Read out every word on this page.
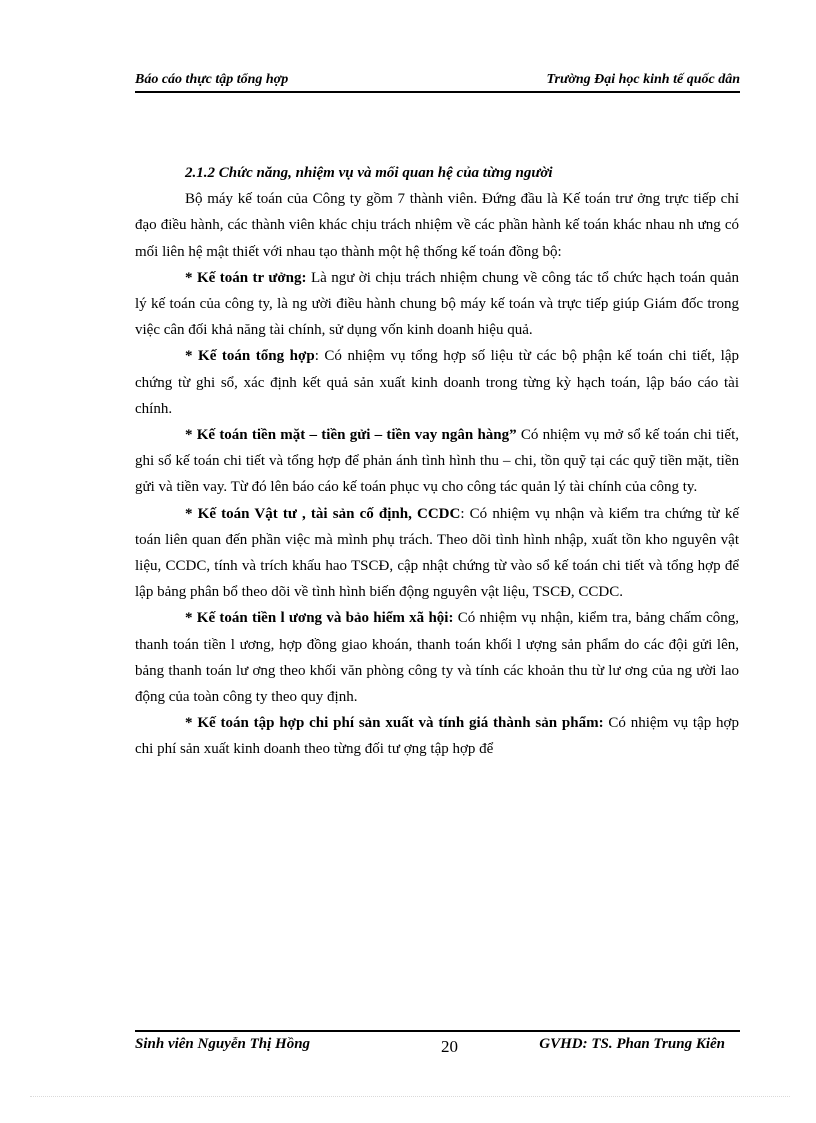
Báo cáo thực tập tổng hợp	Trường Đại học kinh tế quốc dân

2.1.2 Chức năng, nhiệm vụ và mối quan hệ của từng người

Bộ máy kế toán của Công ty gồm 7 thành viên. Đứng đầu là Kế toán trư ởng trực tiếp chỉ đạo điều hành, các thành viên khác chịu trách nhiệm về các phần hành kế toán khác nhau nh ưng có mối liên hệ mật thiết với nhau tạo thành một hệ thống kế toán đồng bộ:

* Kế toán tr ưởng: Là ngư ời chịu trách nhiệm chung về công tác tổ chức hạch toán quản lý kế toán của công ty, là ng ười điều hành chung bộ máy kế toán và trực tiếp giúp Giám đốc trong việc cân đối khả năng tài chính, sử dụng vốn kinh doanh hiệu quả.

* Kế toán tổng hợp: Có nhiệm vụ tổng hợp số liệu từ các bộ phận kế toán chi tiết, lập chứng từ ghi sổ, xác định kết quả sản xuất kinh doanh trong từng kỳ hạch toán, lập báo cáo tài chính.

* Kế toán tiền mặt – tiền gửi – tiền vay ngân hàng” Có nhiệm vụ mở sổ kế toán chi tiết, ghi sổ kế toán chi tiết và tổng hợp để phản ánh tình hình thu – chi, tồn quỹ tại các quỹ tiền mặt, tiền gửi và tiền vay. Từ đó lên báo cáo kế toán phục vụ cho công tác quản lý tài chính của công ty.

* Kế toán Vật tư , tài sản cố định, CCDC: Có nhiệm vụ nhận và kiểm tra chứng từ kế toán liên quan đến phần việc mà mình phụ trách. Theo dõi tình hình nhập, xuất tồn kho nguyên vật liệu, CCDC, tính và trích khấu hao TSCĐ, cập nhật chứng từ vào sổ kế toán chi tiết và tổng hợp để lập bảng phân bổ theo dõi về tình hình biến động nguyên vật liệu, TSCĐ, CCDC.

* Kế toán tiền l ương và bảo hiểm xã hội: Có nhiệm vụ nhận, kiểm tra, bảng chấm công, thanh toán tiền l ương, hợp đồng giao khoán, thanh toán khối l ượng sản phẩm do các đội gửi lên, bảng thanh toán lư ơng theo khối văn phòng công ty và tính các khoản thu từ lư ơng của ng ười lao động của toàn công ty theo quy định.

* Kế toán tập hợp chi phí sản xuất và tính giá thành sản phẩm: Có nhiệm vụ tập hợp chi phí sản xuất kinh doanh theo từng đối tư ợng tập hợp để

Sinh viên Nguyễn Thị Hồng	20	GVHD: TS. Phan Trung Kiên
